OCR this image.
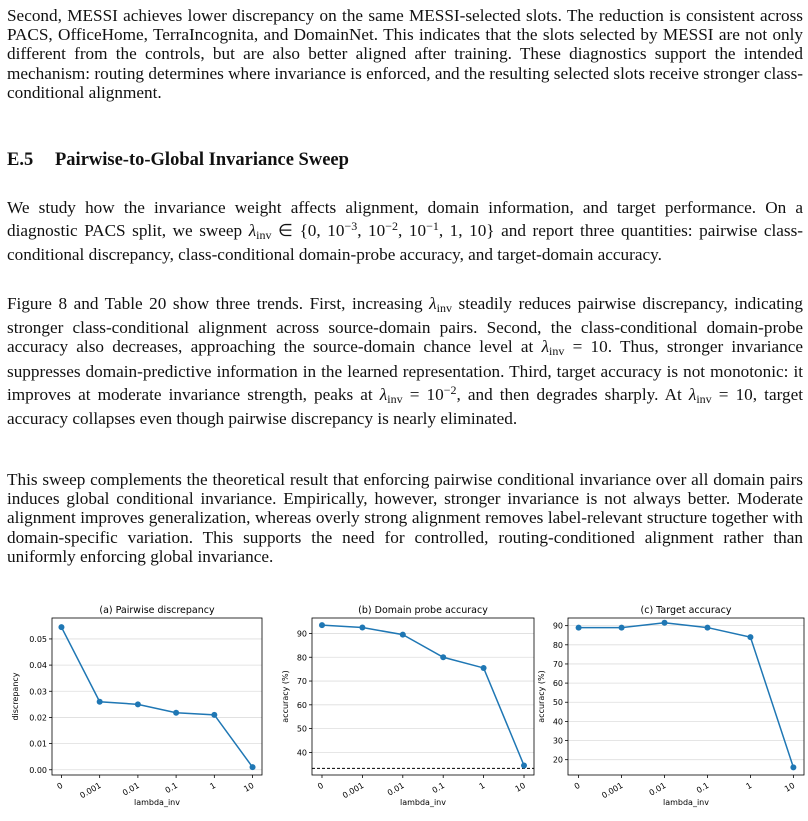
Second, MESSI achieves lower discrepancy on the same MESSI-selected slots. The reduction is consistent across PACS, OfficeHome, TerraIncognita, and DomainNet. This indicates that the slots selected by MESSI are not only different from the controls, but are also better aligned after training. These diagnostics support the intended mechanism: routing determines where invariance is enforced, and the resulting selected slots receive stronger class-conditional alignment.

E.5 Pairwise-to-Global Invariance Sweep

We study how the invariance weight affects alignment, domain information, and target performance. On a diagnostic PACS split, we sweep $\lambda_{inv}$ ∈ {0, $10^{-3}$, $10^{-2}$, $10^{-1}$, 1, 10} and report three quantities: pairwise class-conditional discrepancy, class-conditional domain-probe accuracy, and target-domain accuracy.

Figure 8 and Table 20 show three trends. First, increasing $\lambda_{inv}$ steadily reduces pairwise discrepancy, indicating stronger class-conditional alignment across source-domain pairs. Second, the class-conditional domain-probe accuracy also decreases, approaching the source-domain chance level at $\lambda_{inv} = 10$. Thus, stronger invariance suppresses domain-predictive information in the learned representation. Third, target accuracy is not monotonic: it improves at moderate invariance strength, peaks at $\lambda_{inv} = 10^{-2}$, and then degrades sharply. At $\lambda_{inv} = 10$, target accuracy collapses even though pairwise discrepancy is nearly eliminated.

This sweep complements the theoretical result that enforcing pairwise conditional invariance over all domain pairs induces global conditional invariance. Empirically, however, stronger invariance is not always better. Moderate alignment improves generalization, whereas overly strong alignment removes label-relevant structure together with domain-specific variation. This supports the need for controlled, routing-conditioned alignment rather than uniformly enforcing global invariance.

0.00
0.01
0.02
0.03
0.04
0.05
0 0.001 0.01	0.1	1	10
(a) Pairwise discrepancy
lambda_inv
discrepancy
40
50
60
70
80
90
0 0.001	0.01	0.1	1	10
(b) Domain probe accuracy
lambda_inv
accuracy (%)
20
30
40
50
60
70
80
90
0 0.001	0.01	0.1	1	10
(c) Target accuracy
lambda_inv
accuracy (%)
